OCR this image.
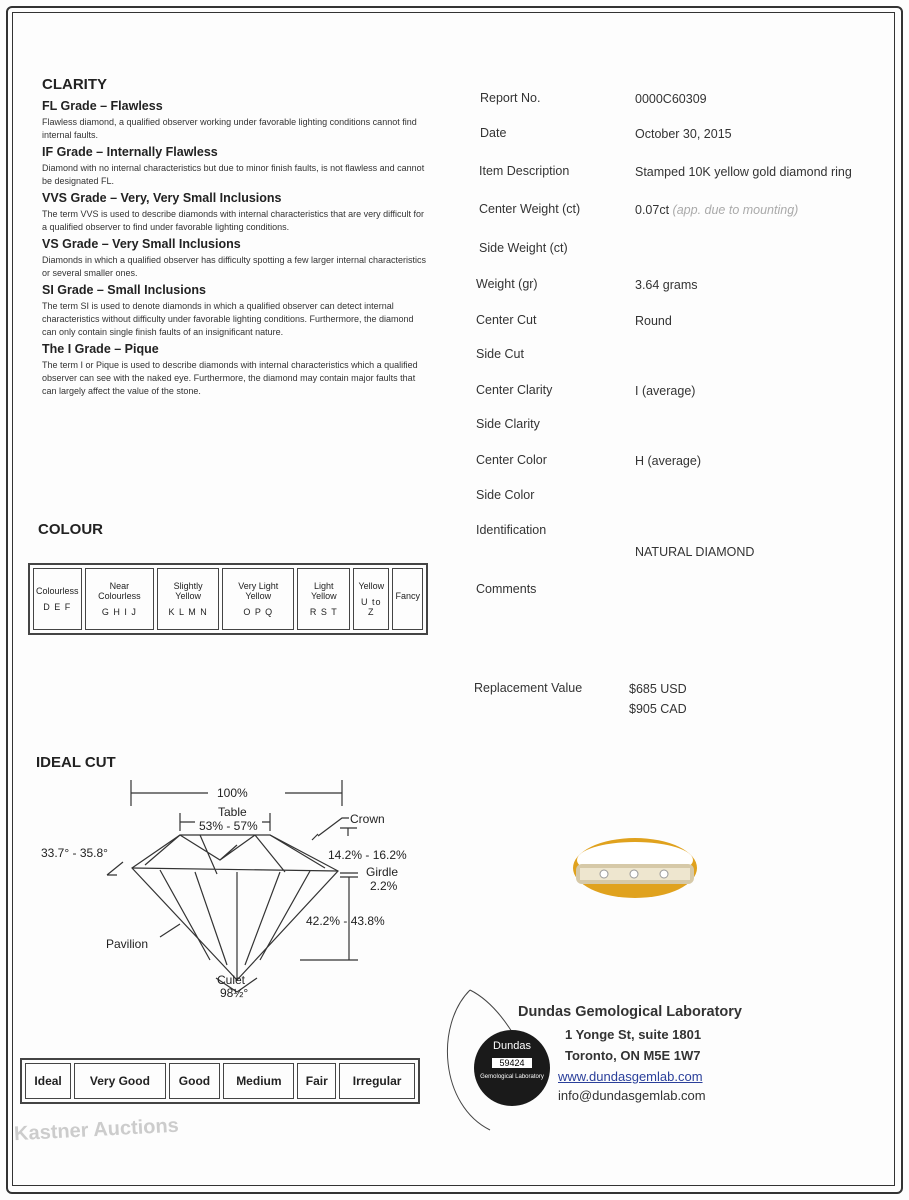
CLARITY
FL Grade – Flawless
Flawless diamond, a qualified observer working under favorable lighting conditions cannot find internal faults.
IF Grade – Internally Flawless
Diamond with no internal characteristics but due to minor finish faults, is not flawless and cannot be designated FL.
VVS Grade – Very, Very Small Inclusions
The term VVS is used to describe diamonds with internal characteristics that are very difficult for a qualified observer to find under favorable lighting conditions.
VS Grade – Very Small Inclusions
Diamonds in which a qualified observer has difficulty spotting a few larger internal characteristics or several smaller ones.
SI Grade – Small Inclusions
The term SI is used to denote diamonds in which a qualified observer can detect internal characteristics without difficulty under favorable lighting conditions. Furthermore, the diamond can only contain single finish faults of an insignificant nature.
The I Grade – Pique
The term I or Pique is used to describe diamonds with internal characteristics which a qualified observer can see with the naked eye. Furthermore, the diamond may contain major faults that can largely affect the value of the stone.
COLOUR
Colourless
D E F

Near Colourless
G H I J

Slightly Yellow
K L M N

Very Light Yellow
O P Q

Light Yellow
R S T

Yellow
U to Z

Fancy
IDEAL CUT
100%
Table
53% - 57%	Crown
33.7° - 35.8°	14.2% - 16.2%
Girdle
2.2%
42.2% - 43.8%
Pavilion
Culet
98½°
Ideal	Very Good	Good	Medium	Fair	Irregular
Report No.	0000C60309
Date	October 30, 2015
Item Description	Stamped 10K yellow gold diamond ring
Center Weight (ct)	0.07ct (app. due to mounting)
Side Weight (ct)
Weight (gr)	3.64 grams
Center Cut	Round
Side Cut
Center Clarity	I (average)
Side Clarity
Center Color	H (average)
Side Color
Identification
NATURAL DIAMOND
Comments
Replacement Value	$685 USD
$905 CAD
Dundas
59424
Gemological Laboratory
Dundas Gemological Laboratory
1 Yonge St, suite 1801
Toronto, ON M5E 1W7
www.dundasgemlab.com
info@dundasgemlab.com
Kastner Auctions
